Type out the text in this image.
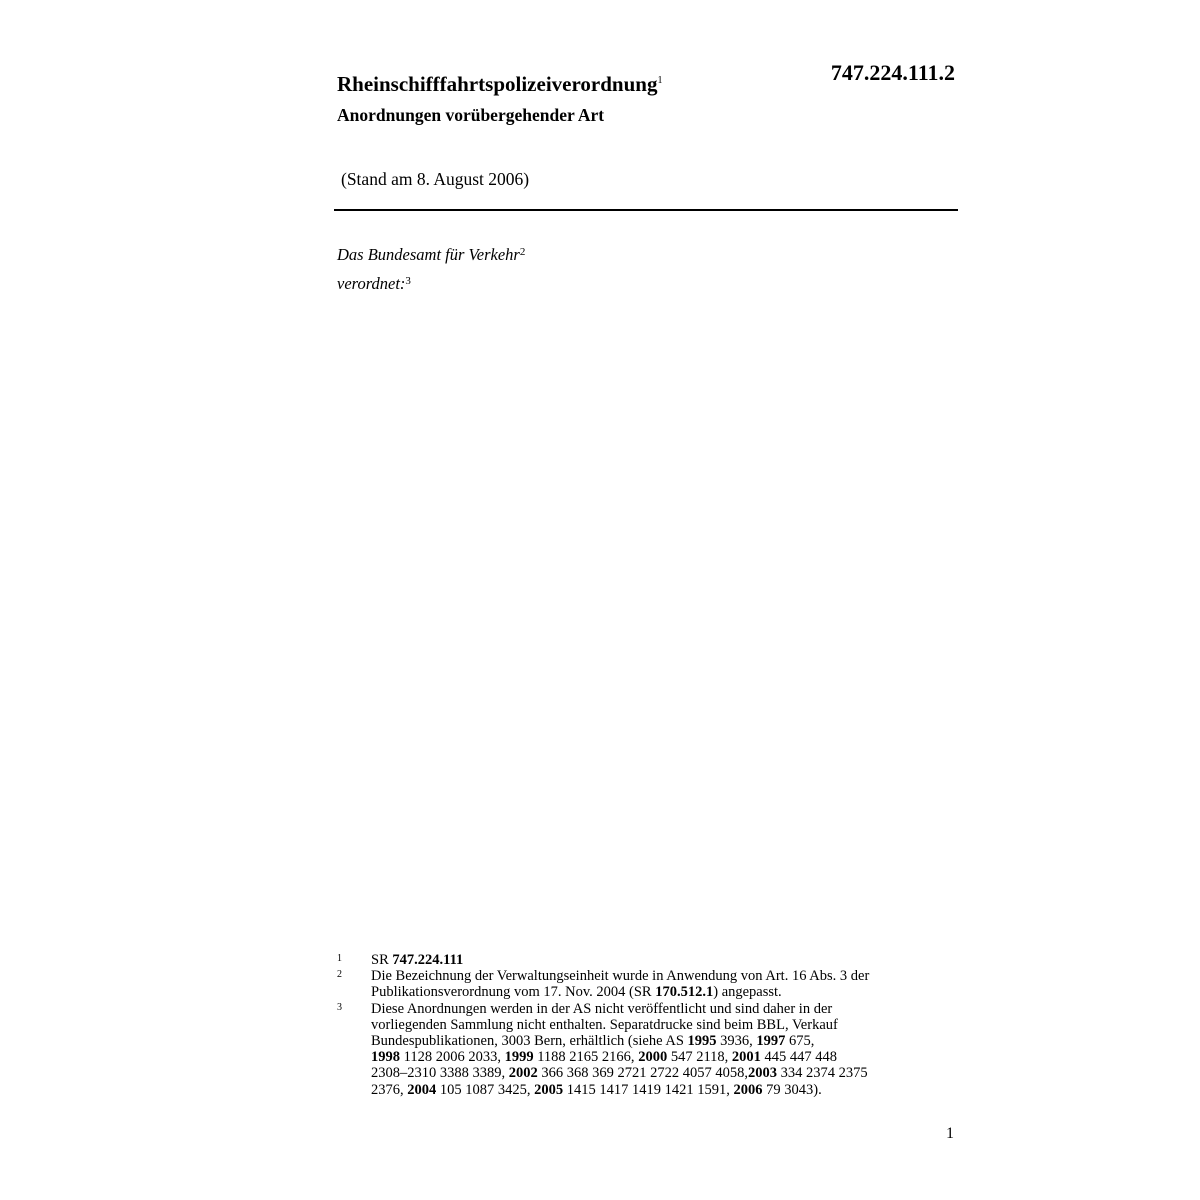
747.224.111.2
Rheinschifffahrtspolizeiverordnung$^1$
Anordnungen vorübergehender Art
(Stand am 8. August 2006)
Das Bundesamt für Verkehr$^2$
verordnet:$^3$
1	SR 747.224.111
2	Die Bezeichnung der Verwaltungseinheit wurde in Anwendung von Art. 16 Abs. 3 der
Publikationsverordnung vom 17. Nov. 2004 (SR 170.512.1) angepasst.
3	Diese Anordnungen werden in der AS nicht veröffentlicht und sind daher in der
vorliegenden Sammlung nicht enthalten. Separatdrucke sind beim BBL, Verkauf
Bundespublikationen, 3003 Bern, erhältlich (siehe AS 1995 3936, 1997 675,
1998 1128 2006 2033, 1999 1188 2165 2166, 2000 547 2118, 2001 445 447 448
2308–2310 3388 3389, 2002 366 368 369 2721 2722 4057 4058,2003 334 2374 2375
2376, 2004 105 1087 3425, 2005 1415 1417 1419 1421 1591, 2006 79 3043).
1
